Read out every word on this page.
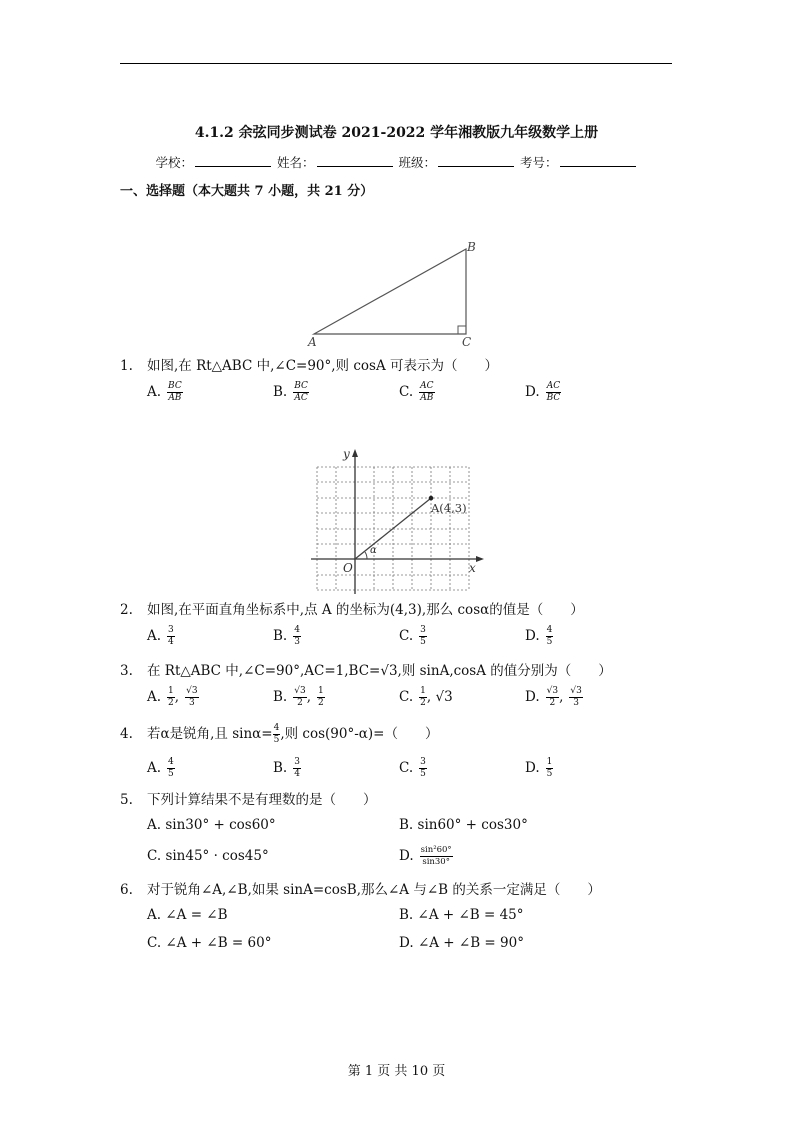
4.1.2 余弦同步测试卷 2021-2022 学年湘教版九年级数学上册
学校：	姓名：	班级：	考号：
一、选择题（本大题共 7 小题，共 21 分）
A
B
C
1. 如图,在 Rt△ABC 中,∠C=90°,则 cosA 可表示为（　　）
A. $\frac{BC}{AB}$	B. $\frac{BC}{AC}$	C. $\frac{AC}{AB}$	D. $\frac{AC}{BC}$
α
y
x
O
A(4,3)
2. 如图,在平面直角坐标系中,点 A 的坐标为(4,3),那么 cosα的值是（　　）
A. $\frac{3}{4}$	B. $\frac{4}{3}$	C. $\frac{3}{5}$	D. $\frac{4}{5}$
3. 在 Rt△ABC 中,∠C=90°,AC=1,BC=√3,则 sinA,cosA 的值分别为（　　）
A. $\frac{1}{2}$ , $\frac{√3}{3}$	B. $\frac{√3}{2}$ , $\frac{1}{2}$	C. $\frac{1}{2}$ , √3	D. $\frac{√3}{2}$ , $\frac{√3}{3}$
4. 若α是锐角,且 $\sin\alpha= \frac{4}{5}$ ,则 cos(90°-α)=（　　）
A. $\frac{4}{5}$	B. $\frac{3}{4}$	C. $\frac{3}{5}$	D. $\frac{1}{5}$
5. 下列计算结果不是有理数的是（　　）
A. sin30° + cos60°	B. sin60° + cos30°
C. sin45° · cos45°	D. $\frac{\text{sin²60°}}{\sin 30^\circ}$
6. 对于锐角∠A,∠B,如果 sinA=cosB,那么∠A 与∠B 的关系一定满足（　　）
A. ∠A = ∠B	B. ∠A + ∠B = 45°
C. ∠A + ∠B = 60°	D. ∠A + ∠B = 90°
第 1 页 共 10 页
